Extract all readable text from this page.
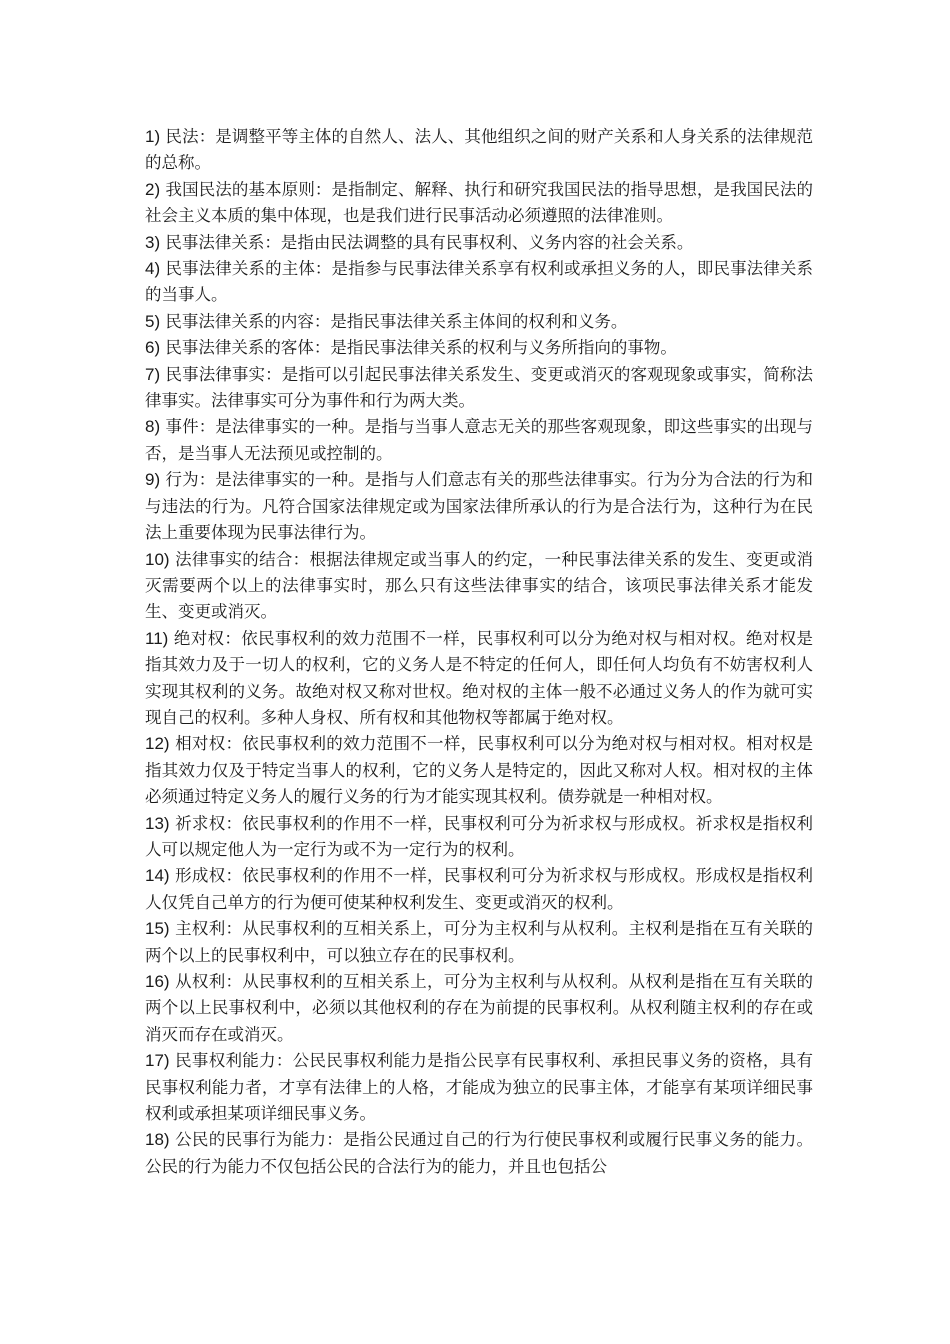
1) 民法：是调整平等主体的自然人、法人、其他组织之间的财产关系和人身关系的法律规范的总称。

2) 我国民法的基本原则：是指制定、解释、执行和研究我国民法的指导思想，是我国民法的社会主义本质的集中体现，也是我们进行民事活动必须遵照的法律准则。

3) 民事法律关系：是指由民法调整的具有民事权利、义务内容的社会关系。

4) 民事法律关系的主体：是指参与民事法律关系享有权利或承担义务的人，即民事法律关系的当事人。

5) 民事法律关系的内容：是指民事法律关系主体间的权利和义务。

6) 民事法律关系的客体：是指民事法律关系的权利与义务所指向的事物。

7) 民事法律事实：是指可以引起民事法律关系发生、变更或消灭的客观现象或事实，简称法律事实。法律事实可分为事件和行为两大类。

8) 事件：是法律事实的一种。是指与当事人意志无关的那些客观现象，即这些事实的出现与否，是当事人无法预见或控制的。

9) 行为：是法律事实的一种。是指与人们意志有关的那些法律事实。行为分为合法的行为和与违法的行为。凡符合国家法律规定或为国家法律所承认的行为是合法行为，这种行为在民法上重要体现为民事法律行为。

10) 法律事实的结合：根据法律规定或当事人的约定，一种民事法律关系的发生、变更或消灭需要两个以上的法律事实时，那么只有这些法律事实的结合，该项民事法律关系才能发生、变更或消灭。

11) 绝对权：依民事权利的效力范围不一样，民事权利可以分为绝对权与相对权。绝对权是指其效力及于一切人的权利，它的义务人是不特定的任何人，即任何人均负有不妨害权利人实现其权利的义务。故绝对权又称对世权。绝对权的主体一般不必通过义务人的作为就可实现自己的权利。多种人身权、所有权和其他物权等都属于绝对权。

12) 相对权：依民事权利的效力范围不一样，民事权利可以分为绝对权与相对权。相对权是指其效力仅及于特定当事人的权利，它的义务人是特定的，因此又称对人权。相对权的主体必须通过特定义务人的履行义务的行为才能实现其权利。债券就是一种相对权。

13) 祈求权：依民事权利的作用不一样，民事权利可分为祈求权与形成权。祈求权是指权利人可以规定他人为一定行为或不为一定行为的权利。

14) 形成权：依民事权利的作用不一样，民事权利可分为祈求权与形成权。形成权是指权利人仅凭自己单方的行为便可使某种权利发生、变更或消灭的权利。

15) 主权利：从民事权利的互相关系上，可分为主权利与从权利。主权利是指在互有关联的两个以上的民事权利中，可以独立存在的民事权利。

16) 从权利：从民事权利的互相关系上，可分为主权利与从权利。从权利是指在互有关联的两个以上民事权利中，必须以其他权利的存在为前提的民事权利。从权利随主权利的存在或消灭而存在或消灭。

17) 民事权利能力：公民民事权利能力是指公民享有民事权利、承担民事义务的资格，具有民事权利能力者，才享有法律上的人格，才能成为独立的民事主体，才能享有某项详细民事权利或承担某项详细民事义务。

18) 公民的民事行为能力：是指公民通过自己的行为行使民事权利或履行民事义务的能力。公民的行为能力不仅包括公民的合法行为的能力，并且也包括公
